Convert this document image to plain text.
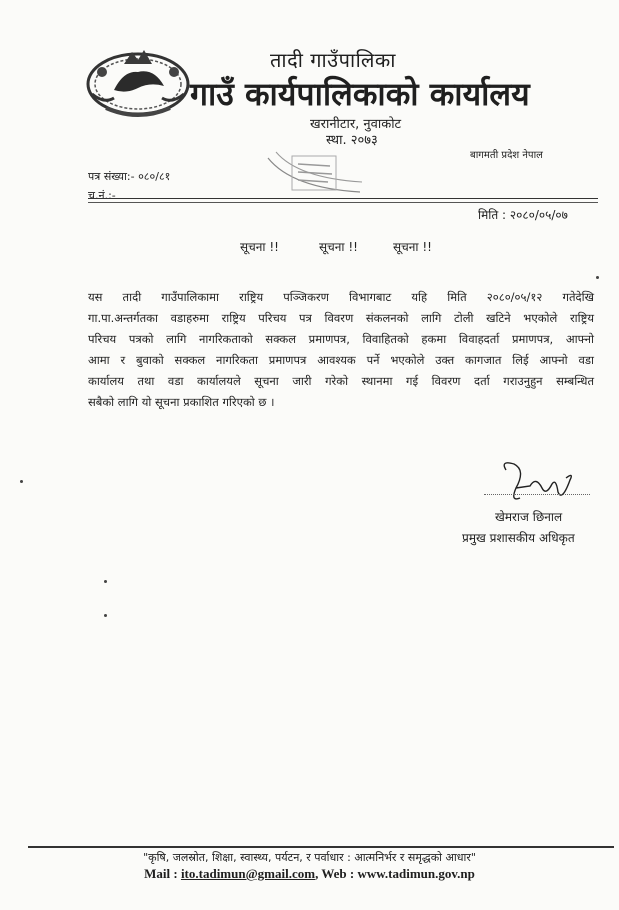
तादी गाउँपालिका
गाउँ कार्यपालिकाको कार्यालय
खरानीटार, नुवाकोट
स्था. २०७३
बागमती प्रदेश नेपाल
पत्र संख्या:- ०८०/८१
च.नं.:-
मिति : २०८०/०५/०७
सूचना !!	सूचना !!	सूचना !!
यस तादी गाउँपालिकामा राष्ट्रिय पञ्जिकरण विभागबाट यहि मिति २०८०/०५/१२ गतेदेखि
गा.पा.अन्तर्गतका वडाहरुमा राष्ट्रिय परिचय पत्र विवरण संकलनको लागि टोली खटिने भएकोले राष्ट्रिय
परिचय पत्रको लागि नागरिकताको सक्कल प्रमाणपत्र, विवाहितको हकमा विवाहदर्ता प्रमाणपत्र, आफ्नो
आमा र बुवाको सक्कल नागरिकता प्रमाणपत्र आवश्यक पर्ने भएकोले उक्त कागजात लिई आफ्नो वडा
कार्यालय तथा वडा कार्यालयले सूचना जारी गरेको स्थानमा गई विवरण दर्ता गराउनुहुन सम्बन्धित
सबैको लागि यो सूचना प्रकाशित गरिएको छ ।
खेमराज छिनाल
प्रमुख प्रशासकीय अधिकृत
"कृषि, जलस्रोत, शिक्षा, स्वास्थ्य, पर्यटन, र पर्वाधार : आत्मनिर्भर र समृद्धको आधार"
Mail : ito.tadimun@gmail.com, Web : www.tadimun.gov.np
